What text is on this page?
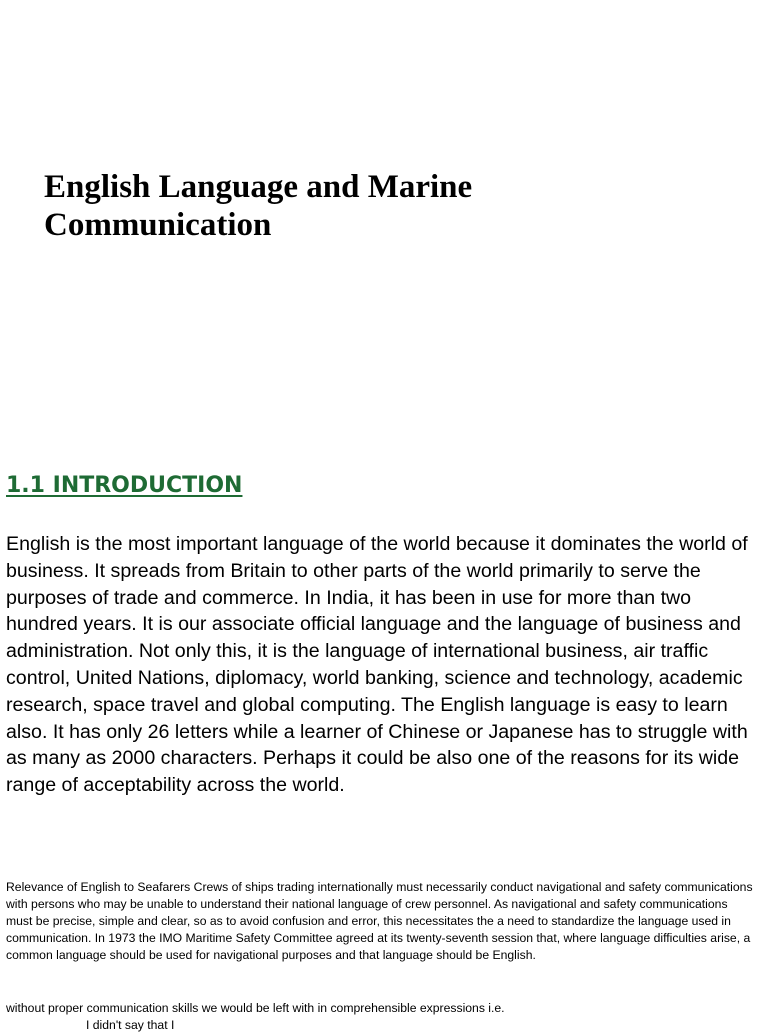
English Language and Marine Communication
1.1 INTRODUCTION

English is the most important language of the world because it dominates the world of business. It spreads from Britain to other parts of the world primarily to serve the purposes of trade and commerce. In India, it has been in use for more than two hundred years. It is our associate official language and the language of business and administration. Not only this, it is the language of international business, air traffic control, United Nations, diplomacy, world banking, science and technology, academic research, space travel and global computing. The English language is easy to learn also. It has only 26 letters while a learner of Chinese or Japanese has to struggle with as many as 2000 characters. Perhaps it could be also one of the reasons for its wide range of acceptability across the world.

Relevance of English to Seafarers Crews of ships trading internationally must necessarily conduct navigational and safety communications with persons who may be unable to understand their national language of crew personnel. As navigational and safety communications must be precise, simple and clear, so as to avoid confusion and error, this necessitates the a need to standardize the language used in communication. In 1973 the IMO Maritime Safety Committee agreed at its twenty-seventh session that, where language difficulties arise, a common language should be used for navigational purposes and that language should be English.

without proper communication skills we would be left with in comprehensible expressions i.e.

I didn't say that I
